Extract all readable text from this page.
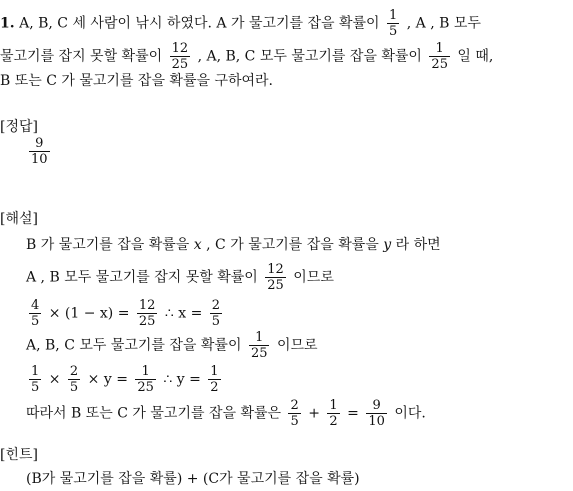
1. A, B, C 세 사람이 낚시 하였다. A 가 물고기를 잡을 확률이 $\frac{1}{5}$ , A , B 모두
물고기를 잡지 못할 확률이 $\frac{12}{25}$ , A, B, C 모두 물고기를 잡을 확률이 $\frac{1}{25}$ 일 때,
B 또는 C 가 물고기를 잡을 확률을 구하여라.
[정답]
$\frac{9}{10}$
[해설]
B 가 물고기를 잡을 확률을 x , C 가 물고기를 잡을 확률을 y 라 하면
A , B 모두 물고기를 잡지 못할 확률이 $\frac{12}{25}$ 이므로
$\frac{4}{5} \times (1 - x) = \frac{12}{25}$ ∴ $x = \frac{2}{5}$
A, B, C 모두 물고기를 잡을 확률이 $\frac{1}{25}$ 이므로
$\frac{1}{5} \times \frac{2}{5} \times y = \frac{1}{25}$ ∴ $y = \frac{1}{2}$
따라서 B 또는 C 가 물고기를 잡을 확률은 $\frac{2}{5} + \frac{1}{2} = \frac{9}{10}$ 이다.
[힌트]
(B가 물고기를 잡을 확률) + (C가 물고기를 잡을 확률)
